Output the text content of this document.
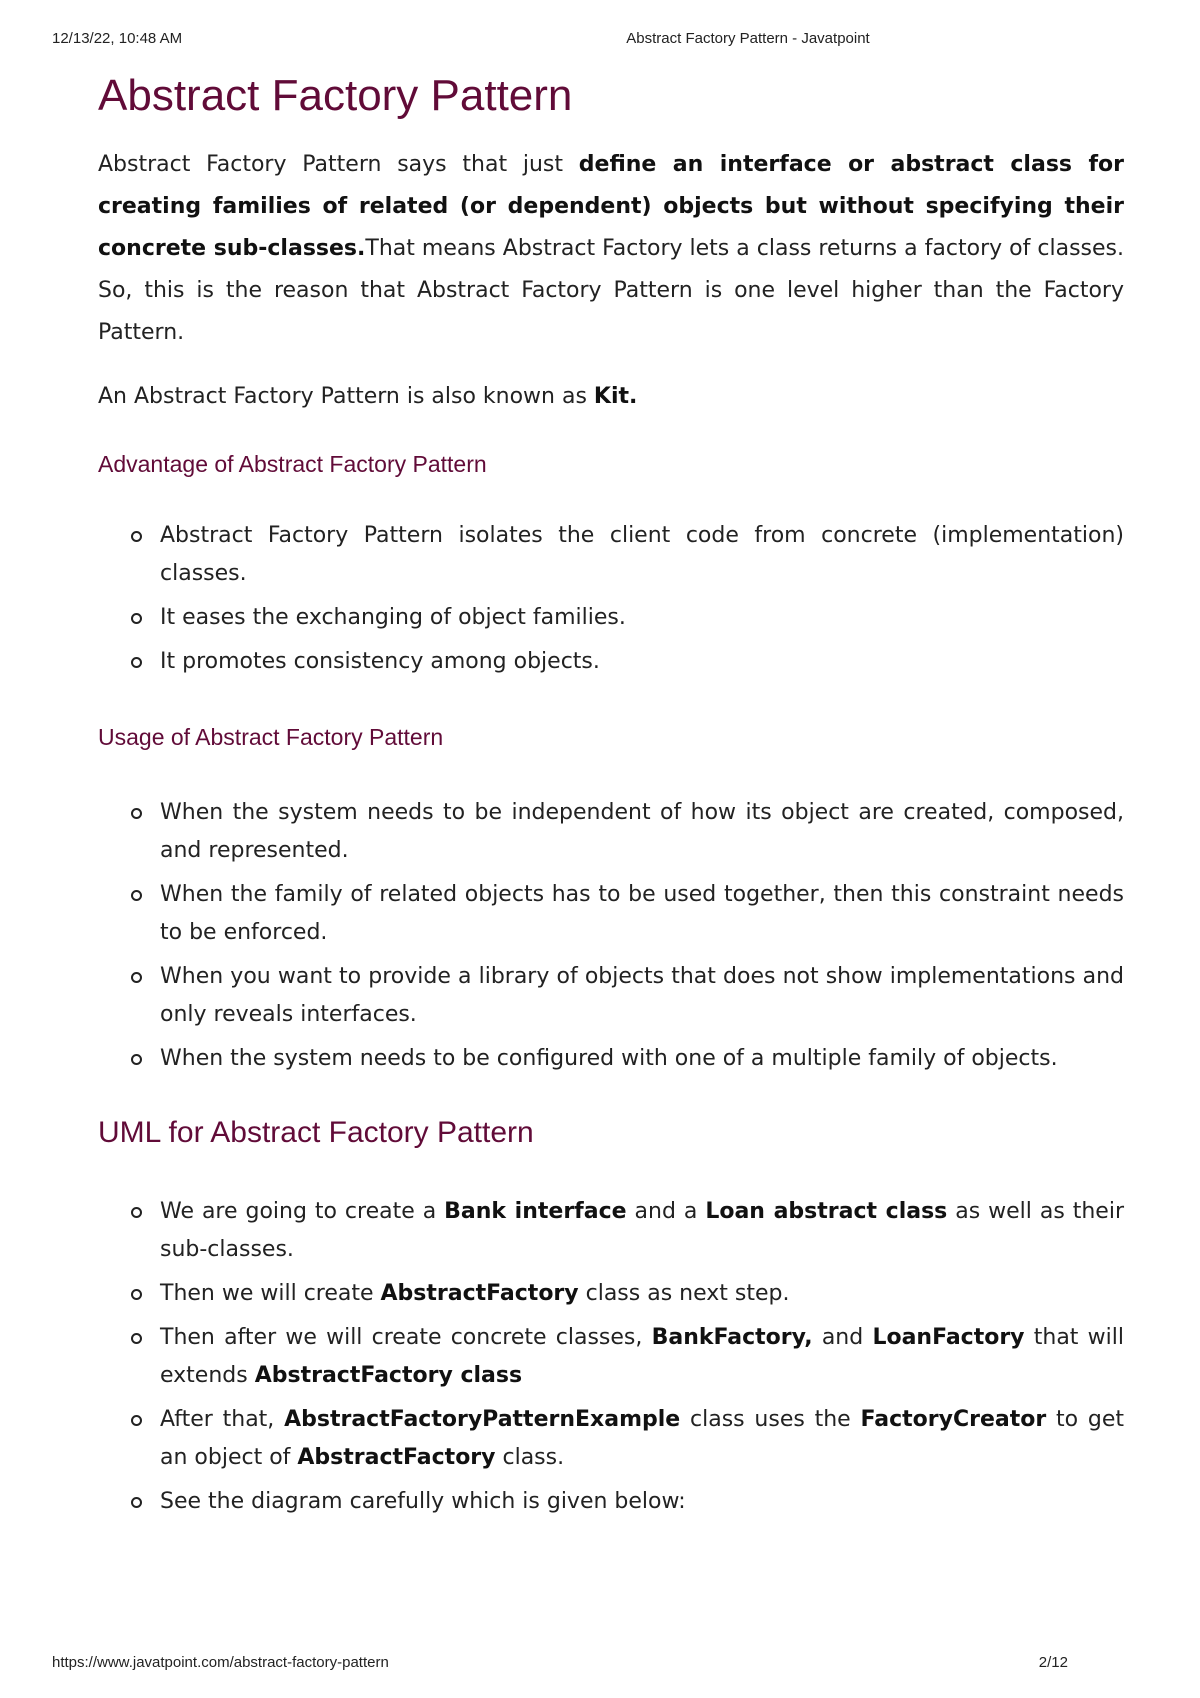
12/13/22, 10:48 AM	Abstract Factory Pattern - Javatpoint
Abstract Factory Pattern

Abstract Factory Pattern says that just define an interface or abstract class for creating families of related (or dependent) objects but without specifying their concrete sub-classes.That means Abstract Factory lets a class returns a factory of classes. So, this is the reason that Abstract Factory Pattern is one level higher than the Factory Pattern.

An Abstract Factory Pattern is also known as Kit.

Advantage of Abstract Factory Pattern
Abstract Factory Pattern isolates the client code from concrete (implementation) classes.
It eases the exchanging of object families.
It promotes consistency among objects.
Usage of Abstract Factory Pattern
When the system needs to be independent of how its object are created, composed, and represented.
When the family of related objects has to be used together, then this constraint needs to be enforced.
When you want to provide a library of objects that does not show implementations and only reveals interfaces.
When the system needs to be configured with one of a multiple family of objects.
UML for Abstract Factory Pattern
We are going to create a Bank interface and a Loan abstract class as well as their sub-classes.
Then we will create AbstractFactory class as next step.
Then after we will create concrete classes, BankFactory, and LoanFactory that will extends AbstractFactory class
After that, AbstractFactoryPatternExample class uses the FactoryCreator to get an object of AbstractFactory class.
See the diagram carefully which is given below:
https://www.javatpoint.com/abstract-factory-pattern	2/12
